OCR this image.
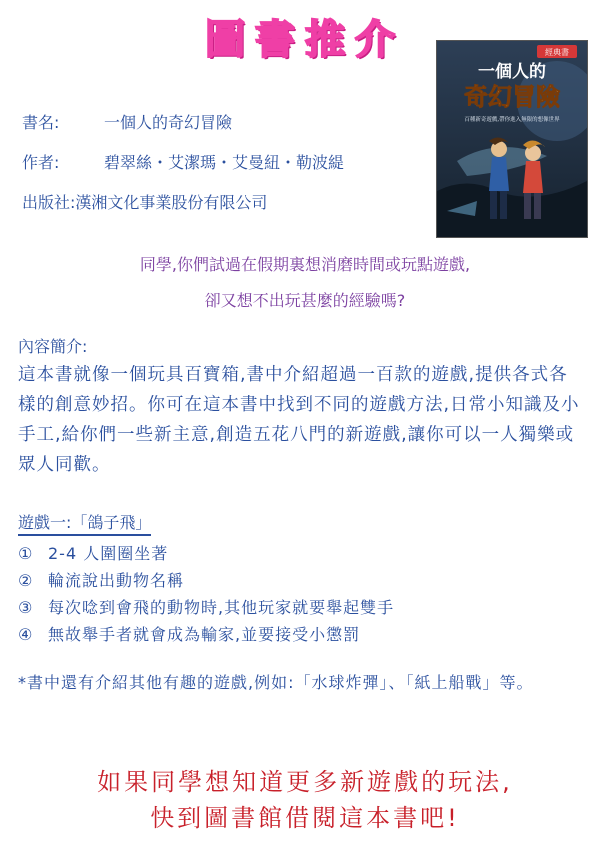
圖書推介	經典書
一個人的
奇幻冒險
百種新奇遊戲,帶你進入無限的想像世界
書名:	一個人的奇幻冒險
作者:	碧翠絲・艾潔瑪・艾曼紐・勒波緹
出版社:漢湘文化事業股份有限公司
同學,你們試過在假期裏想消磨時間或玩點遊戲,
卻又想不出玩甚麼的經驗嗎?
內容簡介:
這本書就像一個玩具百寶箱,書中介紹超過一百款的遊戲,提供各式各樣的創意妙招。你可在這本書中找到不同的遊戲方法,日常小知識及小手工,給你們一些新主意,創造五花八門的新遊戲,讓你可以一人獨樂或眾人同歡。
遊戲一:「鴿子飛」
① 2-4 人圍圈坐著
② 輪流說出動物名稱
③ 每次唸到會飛的動物時,其他玩家就要舉起雙手
④ 無故舉手者就會成為輸家,並要接受小懲罰
*書中還有介紹其他有趣的遊戲,例如:「水球炸彈」、「紙上船戰」等。
如果同學想知道更多新遊戲的玩法,
快到圖書館借閱這本書吧!
